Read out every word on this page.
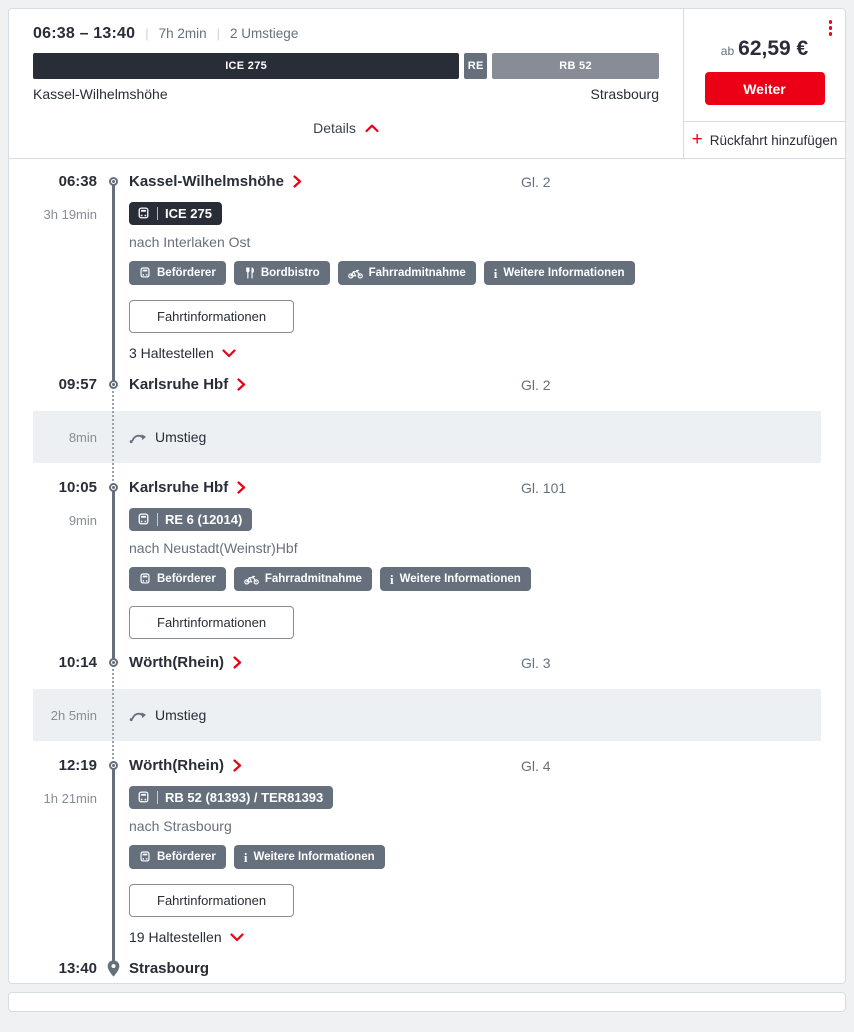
06:38 – 13:40 | 7h 2min | 2 Umstiege
ICE 275	RE	RB 52
Kassel-Wilhelmshöhe	Strasbourg
Details
ab 62,59 €
Weiter
+ Rückfahrt hinzufügen
06:38 Kassel-Wilhelmshöhe	Gl. 2
3h 19min	ICE 275
nach Interlaken Ost
Beförderer	Bordbistro	Fahrradmitnahme i Weitere Informationen
Fahrtinformationen
3 Haltestellen
09:57 Karlsruhe Hbf	Gl. 2
8min	Umstieg
10:05 Karlsruhe Hbf	Gl. 101
9min	RE 6 (12014)
nach Neustadt(Weinstr)Hbf
Beförderer	Fahrradmitnahme i Weitere Informationen
Fahrtinformationen
10:14 Wörth(Rhein)	Gl. 3
2h 5min	Umstieg
12:19 Wörth(Rhein)	Gl. 4
1h 21min	RB 52 (81393) / TER81393
nach Strasbourg
Beförderer i Weitere Informationen
Fahrtinformationen
19 Haltestellen
13:40 Strasbourg
